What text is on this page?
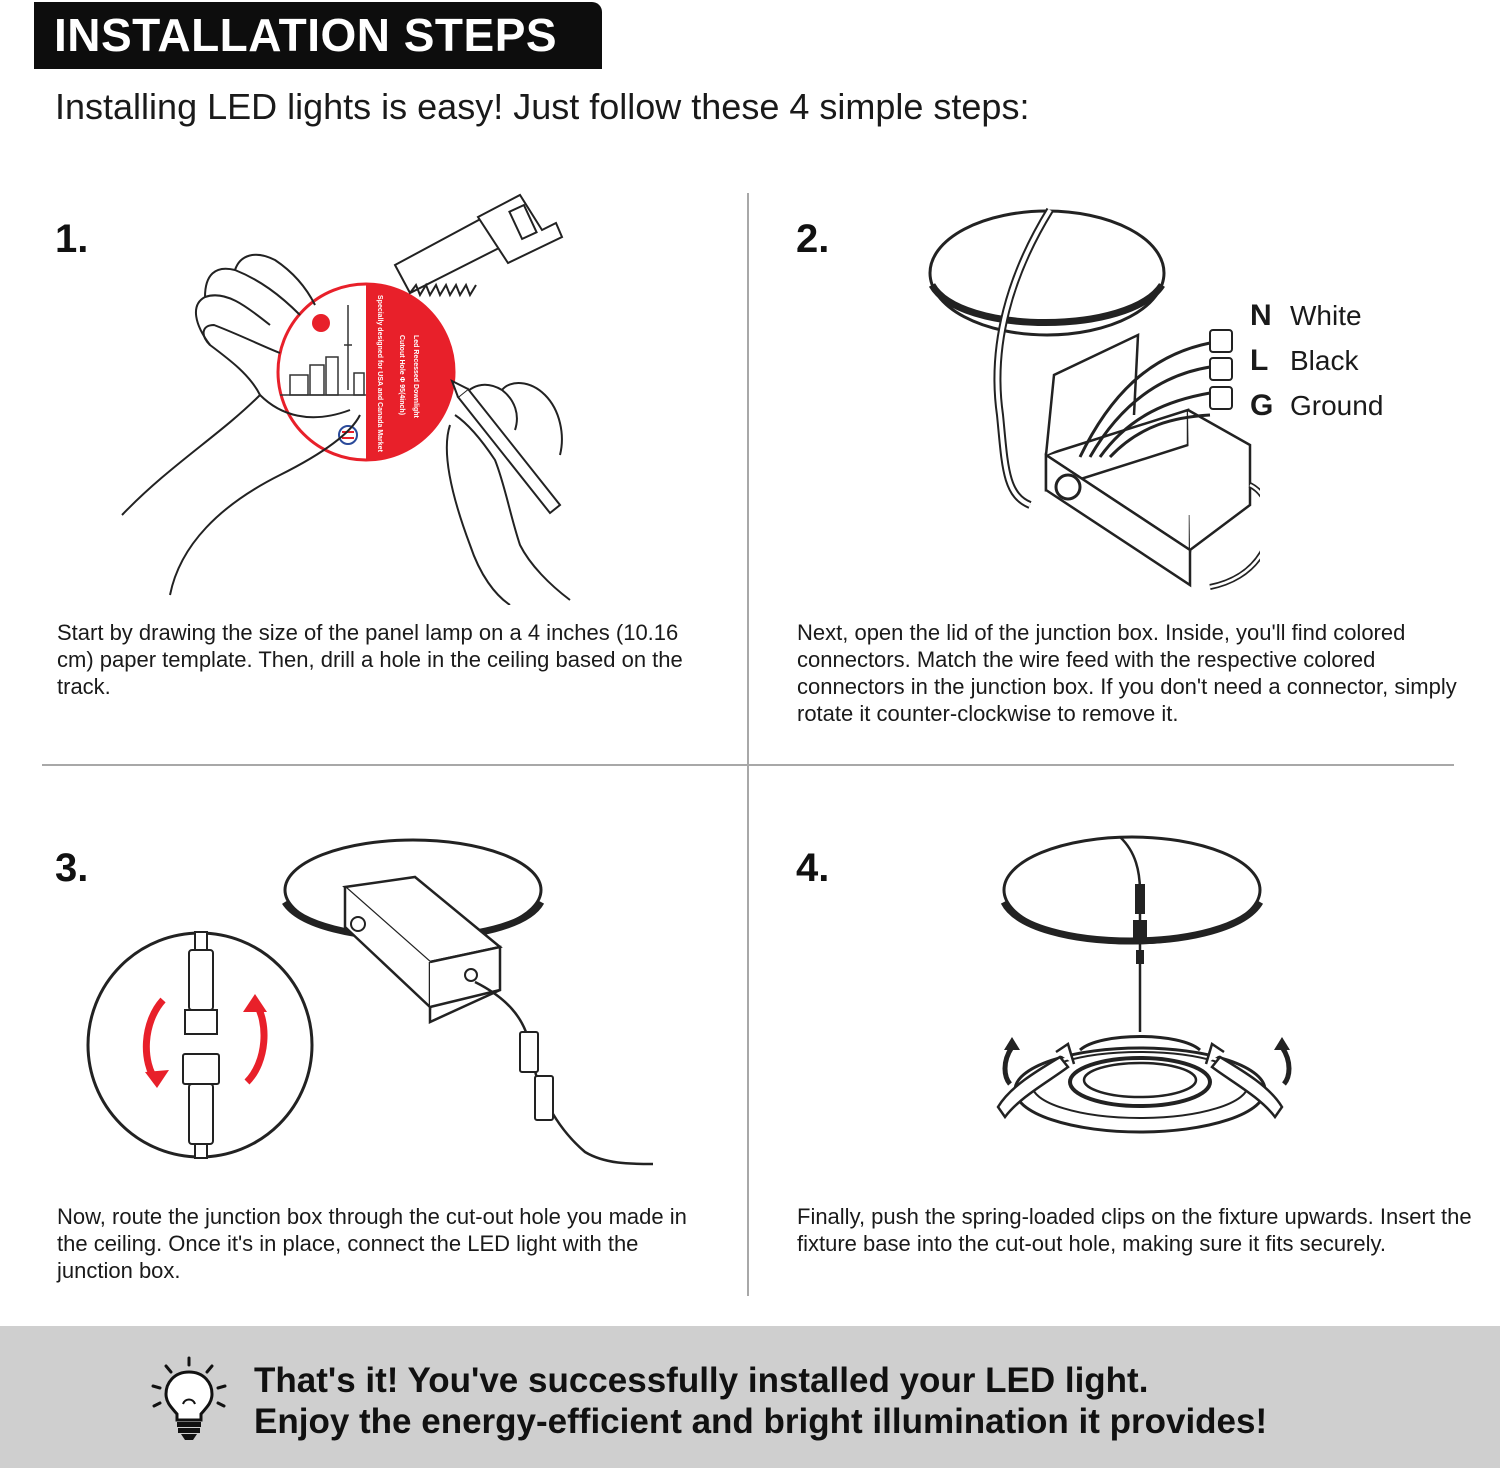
INSTALLATION STEPS
Installing LED lights is easy! Just follow these 4 simple steps:
1.
Specially designed for USA and Canada Market Cutout Hole Φ 95(4inch) Led Recessed Downlight
Start by drawing the size of the panel lamp on a 4 inches (10.16 cm) paper template. Then, drill a hole in the ceiling based on the track.
2.
N White
L Black
G Ground
Next, open the lid of the junction box. Inside, you'll find colored connectors. Match the wire feed with the respective colored connectors in the junction box. If you don't need a connector, simply rotate it counter-clockwise to remove it.
3.
Now, route the junction box through the cut-out hole you made in the ceiling. Once it's in place, connect the LED light with the junction box.
4.
Finally, push the spring-loaded clips on the fixture upwards. Insert the fixture base into the cut-out hole, making sure it fits securely.
That's it! You've successfully installed your LED light.
Enjoy the energy-efficient and bright illumination it provides!
